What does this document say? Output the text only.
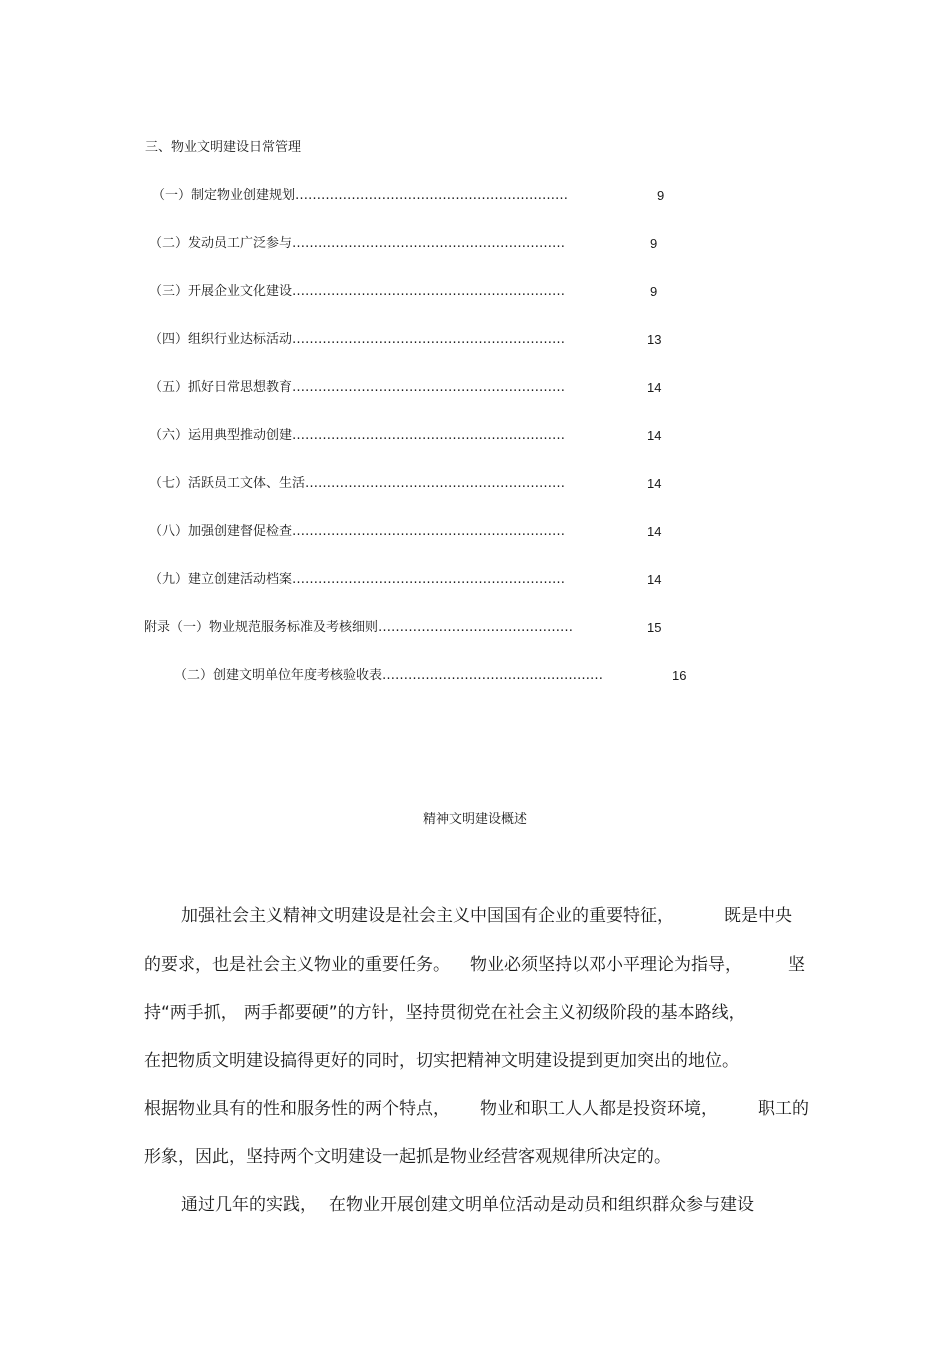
三、物业文明建设日常管理
（一）制定物业创建规划………………………………………………………	9
（二）发动员工广泛参与………………………………………………………	9
（三）开展企业文化建设………………………………………………………	9
（四）组织行业达标活动………………………………………………………	13
（五）抓好日常思想教育………………………………………………………	14
（六）运用典型推动创建………………………………………………………	14
（七）活跃员工文体、生活……………………………………………………	14
（八）加强创建督促检查………………………………………………………	14
（九）建立创建活动档案………………………………………………………	14
附录（一）物业规范服务标准及考核细则………………………………………	15
（二）创建文明单位年度考核验收表……………………………………………	16
精神文明建设概述
加强社会主义精神文明建设是社会主义中国国有企业的重要特征，	既是中央
的要求，也是社会主义物业的重要任务。 物业必须坚持以邓小平理论为指导，	坚
持“两手抓， 两手都要硬”的方针，坚持贯彻党在社会主义初级阶段的基本路线，
在把物质文明建设搞得更好的同时，切实把精神文明建设提到更加突出的地位。
根据物业具有的性和服务性的两个特点， 物业和职工人人都是投资环境， 职工的
形象，因此，坚持两个文明建设一起抓是物业经营客观规律所决定的。
通过几年的实践， 在物业开展创建文明单位活动是动员和组织群众参与建设
